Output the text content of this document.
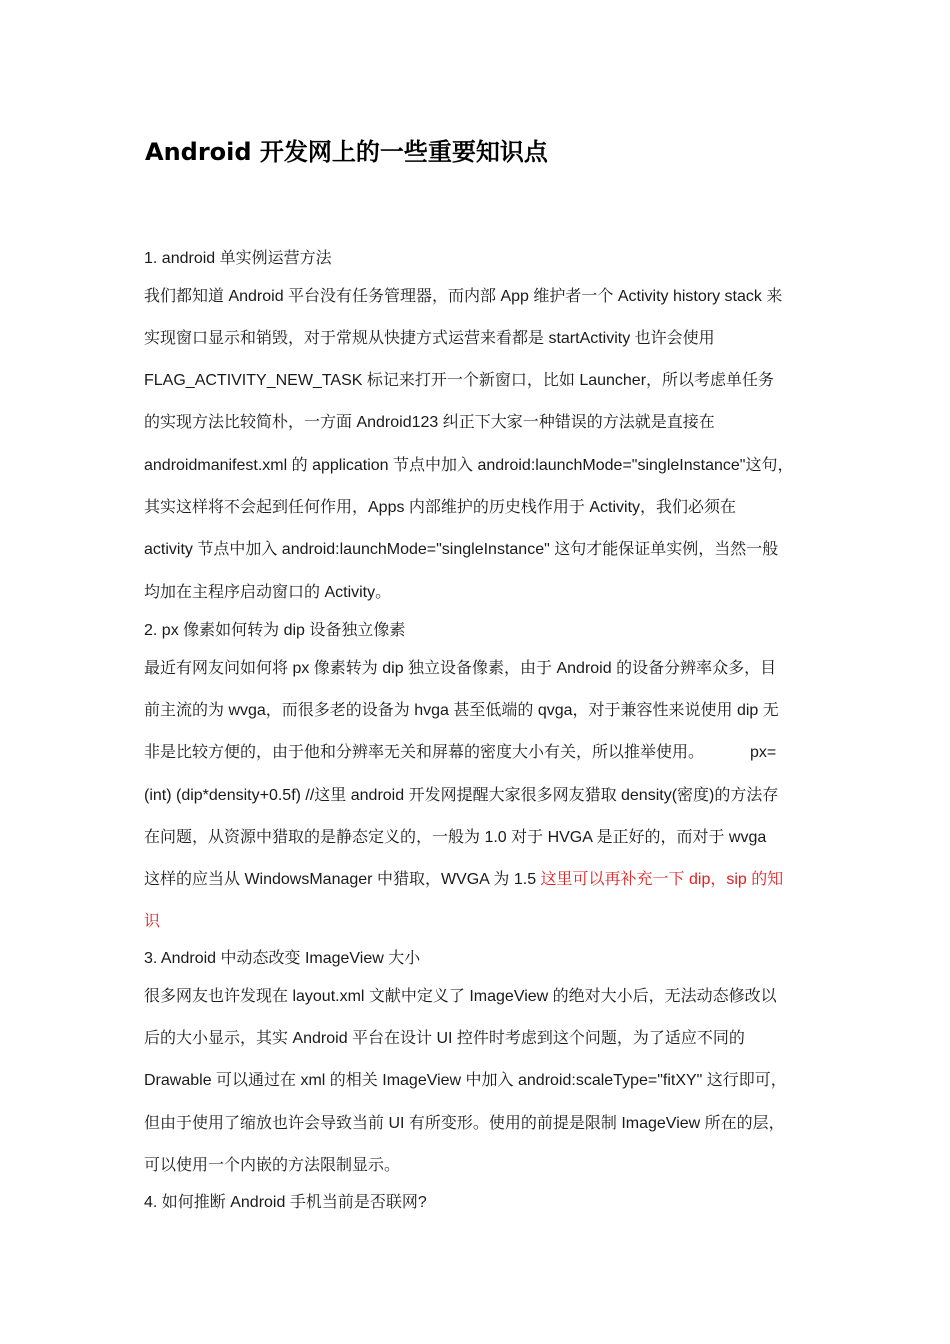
Android 开发网上的一些重要知识点
1. android 单实例运营方法
我们都知道 Android 平台没有任务管理器，而内部 App 维护者一个 Activity history stack 来
实现窗口显示和销毁，对于常规从快捷方式运营来看都是 startActivity 也许会使用
FLAG_ACTIVITY_NEW_TASK 标记来打开一个新窗口，比如 Launcher，所以考虑单任务
的实现方法比较简朴，一方面 Android123 纠正下大家一种错误的方法就是直接在
androidmanifest.xml 的 application 节点中加入 android:launchMode="singleInstance"这句，
其实这样将不会起到任何作用，Apps 内部维护的历史栈作用于 Activity，我们必须在
activity 节点中加入 android:launchMode="singleInstance" 这句才能保证单实例，当然一般
均加在主程序启动窗口的 Activity。
2. px 像素如何转为 dip 设备独立像素
最近有网友问如何将 px 像素转为 dip 独立设备像素，由于 Android 的设备分辨率众多，目
前主流的为 wvga，而很多老的设备为 hvga 甚至低端的 qvga，对于兼容性来说使用 dip 无
非是比较方便的，由于他和分辨率无关和屏幕的密度大小有关，所以推举使用。	px=
(int) (dip*density+0.5f) //这里 android 开发网提醒大家很多网友猎取 density(密度)的方法存
在问题，从资源中猎取的是静态定义的，一般为 1.0 对于 HVGA 是正好的，而对于 wvga
这样的应当从 WindowsManager 中猎取，WVGA 为 1.5 这里可以再补充一下 dip，sip 的知
识
3. Android 中动态改变 ImageView 大小
很多网友也许发现在 layout.xml 文献中定义了 ImageView 的绝对大小后，无法动态修改以
后的大小显示，其实 Android 平台在设计 UI 控件时考虑到这个问题，为了适应不同的
Drawable 可以通过在 xml 的相关 ImageView 中加入 android:scaleType="fitXY" 这行即可，
但由于使用了缩放也许会导致当前 UI 有所变形。使用的前提是限制 ImageView 所在的层，
可以使用一个内嵌的方法限制显示。
4. 如何推断 Android 手机当前是否联网?
